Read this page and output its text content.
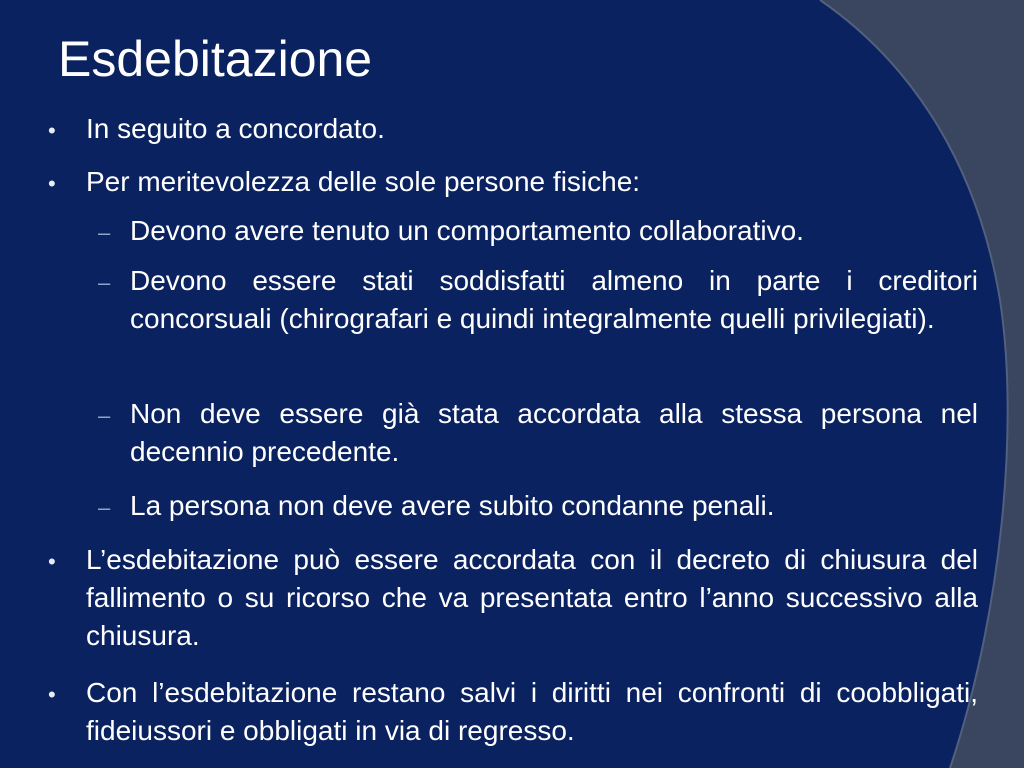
Esdebitazione
• In seguito a concordato.
• Per meritevolezza delle sole persone fisiche:
– Devono avere tenuto un comportamento collaborativo.
– Devono essere stati soddisfatti almeno in parte i creditori concorsuali (chirografari e quindi integralmente quelli privilegiati).
– Non deve essere già stata accordata alla stessa persona nel decennio precedente.
– La persona non deve avere subito condanne penali.
• L’esdebitazione può essere accordata con il decreto di chiusura del fallimento o su ricorso che va presentata entro l’anno successivo alla chiusura.
• Con l’esdebitazione restano salvi i diritti nei confronti di coobbligati, fideiussori e obbligati in via di regresso.
